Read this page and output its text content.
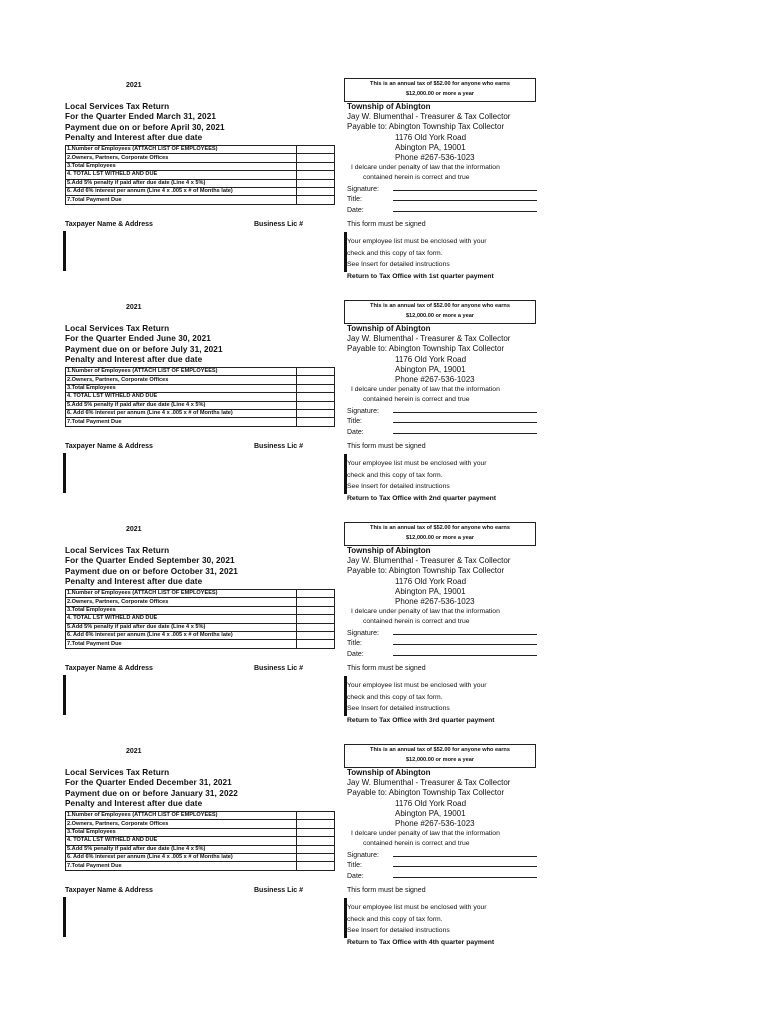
2021
Local Services Tax Return
For the Quarter Ended March 31, 2021
Payment due on or before April 30, 2021
Penalty and Interest after due date
1.Number of Employees (ATTACH LIST OF EMPLOYEES)	
2.Owners, Partners, Corporate Offices	
3.Total Employees	
4. TOTAL LST WITHELD AND DUE	
5.Add 5% penalty if paid after due date (Line 4 x 5%)	
6. Add 6% interest per annum (Line 4 x .005 x # of Months late)	
7.Total Payment Due	
Taxpayer Name & Address	Business Lic #
This is an annual tax of $52.00 for anyone who earns
$12,000.00 or more a year
Township of Abington
Jay W. Blumenthal - Treasurer & Tax Collector
Payable to: Abington Township Tax Collector
1176 Old York Road
Abington PA, 19001
Phone #267-536-1023
I delcare under penalty of law that the information
contained herein is correct and true
Signature:
Title:
Date:
This form must be signed
Your employee list must be enclosed with your
check and this copy of tax form.
See Insert for detailed instructions
Return to Tax Office with 1st quarter payment
2021
Local Services Tax Return
For the Quarter Ended June 30, 2021
Payment due on or before July 31, 2021
Penalty and Interest after due date
1.Number of Employees (ATTACH LIST OF EMPLOYEES)	
2.Owners, Partners, Corporate Offices	
3.Total Employees	
4. TOTAL LST WITHELD AND DUE	
5.Add 5% penalty if paid after due date (Line 4 x 5%)	
6. Add 6% interest per annum (Line 4 x .005 x # of Months late)	
7.Total Payment Due	
Taxpayer Name & Address	Business Lic #
This is an annual tax of $52.00 for anyone who earns
$12,000.00 or more a year
Township of Abington
Jay W. Blumenthal - Treasurer & Tax Collector
Payable to: Abington Township Tax Collector
1176 Old York Road
Abington PA, 19001
Phone #267-536-1023
I delcare under penalty of law that the information
contained herein is correct and true
Signature:
Title:
Date:
This form must be signed
Your employee list must be enclosed with your
check and this copy of tax form.
See Insert for detailed instructions
Return to Tax Office with 2nd quarter payment
2021
Local Services Tax Return
For the Quarter Ended September 30, 2021
Payment due on or before October 31, 2021
Penalty and Interest after due date
1.Number of Employees (ATTACH LIST OF EMPLOYEES)	
2.Owners, Partners, Corporate Offices	
3.Total Employees	
4. TOTAL LST WITHELD AND DUE	
5.Add 5% penalty if paid after due date (Line 4 x 5%)	
6. Add 6% interest per annum (Line 4 x .005 x # of Months late)	
7.Total Payment Due	
Taxpayer Name & Address	Business Lic #
This is an annual tax of $52.00 for anyone who earns
$12,000.00 or more a year
Township of Abington
Jay W. Blumenthal - Treasurer & Tax Collector
Payable to: Abington Township Tax Collector
1176 Old York Road
Abington PA, 19001
Phone #267-536-1023
I delcare under penalty of law that the information
contained herein is correct and true
Signature:
Title:
Date:
This form must be signed
Your employee list must be enclosed with your
check and this copy of tax form.
See Insert for detailed instructions
Return to Tax Office with 3rd quarter payment
2021
Local Services Tax Return
For the Quarter Ended December 31, 2021
Payment due on or before January 31, 2022
Penalty and Interest after due date
1.Number of Employees (ATTACH LIST OF EMPLOYEES)	
2.Owners, Partners, Corporate Offices	
3.Total Employees	
4. TOTAL LST WITHELD AND DUE	
5.Add 5% penalty if paid after due date (Line 4 x 5%)	
6. Add 6% interest per annum (Line 4 x .005 x # of Months late)	
7.Total Payment Due	
Taxpayer Name & Address	Business Lic #
This is an annual tax of $52.00 for anyone who earns
$12,000.00 or more a year
Township of Abington
Jay W. Blumenthal - Treasurer & Tax Collector
Payable to: Abington Township Tax Collector
1176 Old York Road
Abington PA, 19001
Phone #267-536-1023
I delcare under penalty of law that the information
contained herein is correct and true
Signature:
Title:
Date:
This form must be signed
Your employee list must be enclosed with your
check and this copy of tax form.
See Insert for detailed instructions
Return to Tax Office with 4th quarter payment
